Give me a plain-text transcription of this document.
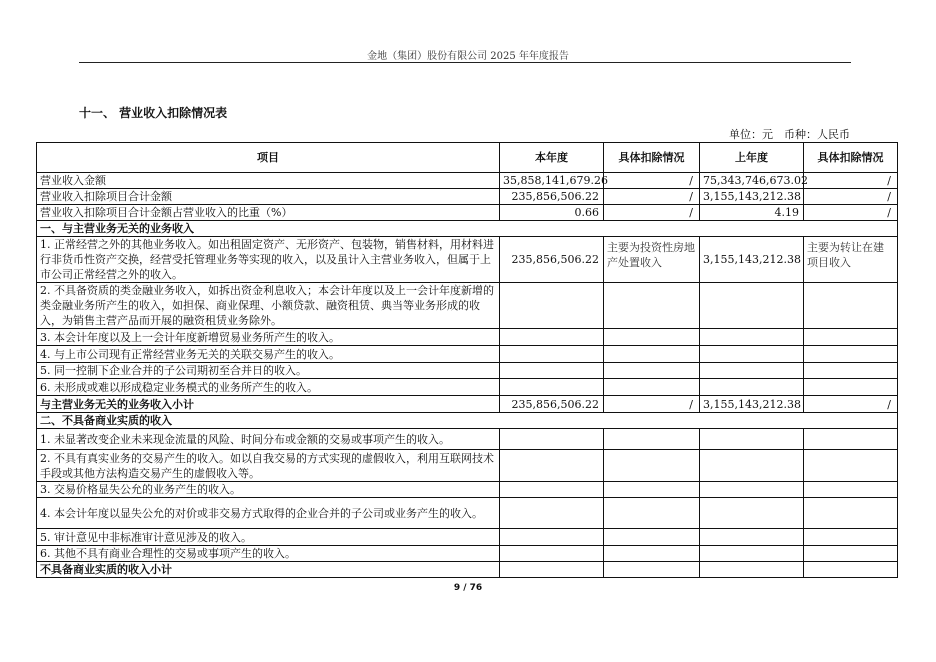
金地（集团）股份有限公司 2025 年年度报告
十一、 营业收入扣除情况表
单位：元　币种：人民币
项目	本年度	具体扣除情况	上年度	具体扣除情况
营业收入金额	35,858,141,679.26	/	75,343,746,673.02	/
营业收入扣除项目合计金额	235,856,506.22	/	3,155,143,212.38	/
营业收入扣除项目合计金额占营业收入的比重（%）	0.66	/	4.19	/
一、与主营业务无关的业务收入				
1. 正常经营之外的其他业务收入。如出租固定资产、无形资产、包装物，销售材料，用材料进行非货币性资产交换，经营受托管理业务等实现的收入，以及虽计入主营业务收入，但属于上市公司正常经营之外的收入。	235,856,506.22	主要为投资性房地产处置收入	3,155,143,212.38	主要为转让在建项目收入
2. 不具备资质的类金融业务收入，如拆出资金利息收入；本会计年度以及上一会计年度新增的类金融业务所产生的收入，如担保、商业保理、小额贷款、融资租赁、典当等业务形成的收入，为销售主营产品而开展的融资租赁业务除外。				
3. 本会计年度以及上一会计年度新增贸易业务所产生的收入。				
4. 与上市公司现有正常经营业务无关的关联交易产生的收入。				
5. 同一控制下企业合并的子公司期初至合并日的收入。				
6. 未形成或难以形成稳定业务模式的业务所产生的收入。				
与主营业务无关的业务收入小计	235,856,506.22	/	3,155,143,212.38	/
二、不具备商业实质的收入				
1. 未显著改变企业未来现金流量的风险、时间分布或金额的交易或事项产生的收入。				
2. 不具有真实业务的交易产生的收入。如以自我交易的方式实现的虚假收入，利用互联网技术手段或其他方法构造交易产生的虚假收入等。				
3. 交易价格显失公允的业务产生的收入。				
4. 本会计年度以显失公允的对价或非交易方式取得的企业合并的子公司或业务产生的收入。				
5. 审计意见中非标准审计意见涉及的收入。				
6. 其他不具有商业合理性的交易或事项产生的收入。				
不具备商业实质的收入小计				
9 / 76
